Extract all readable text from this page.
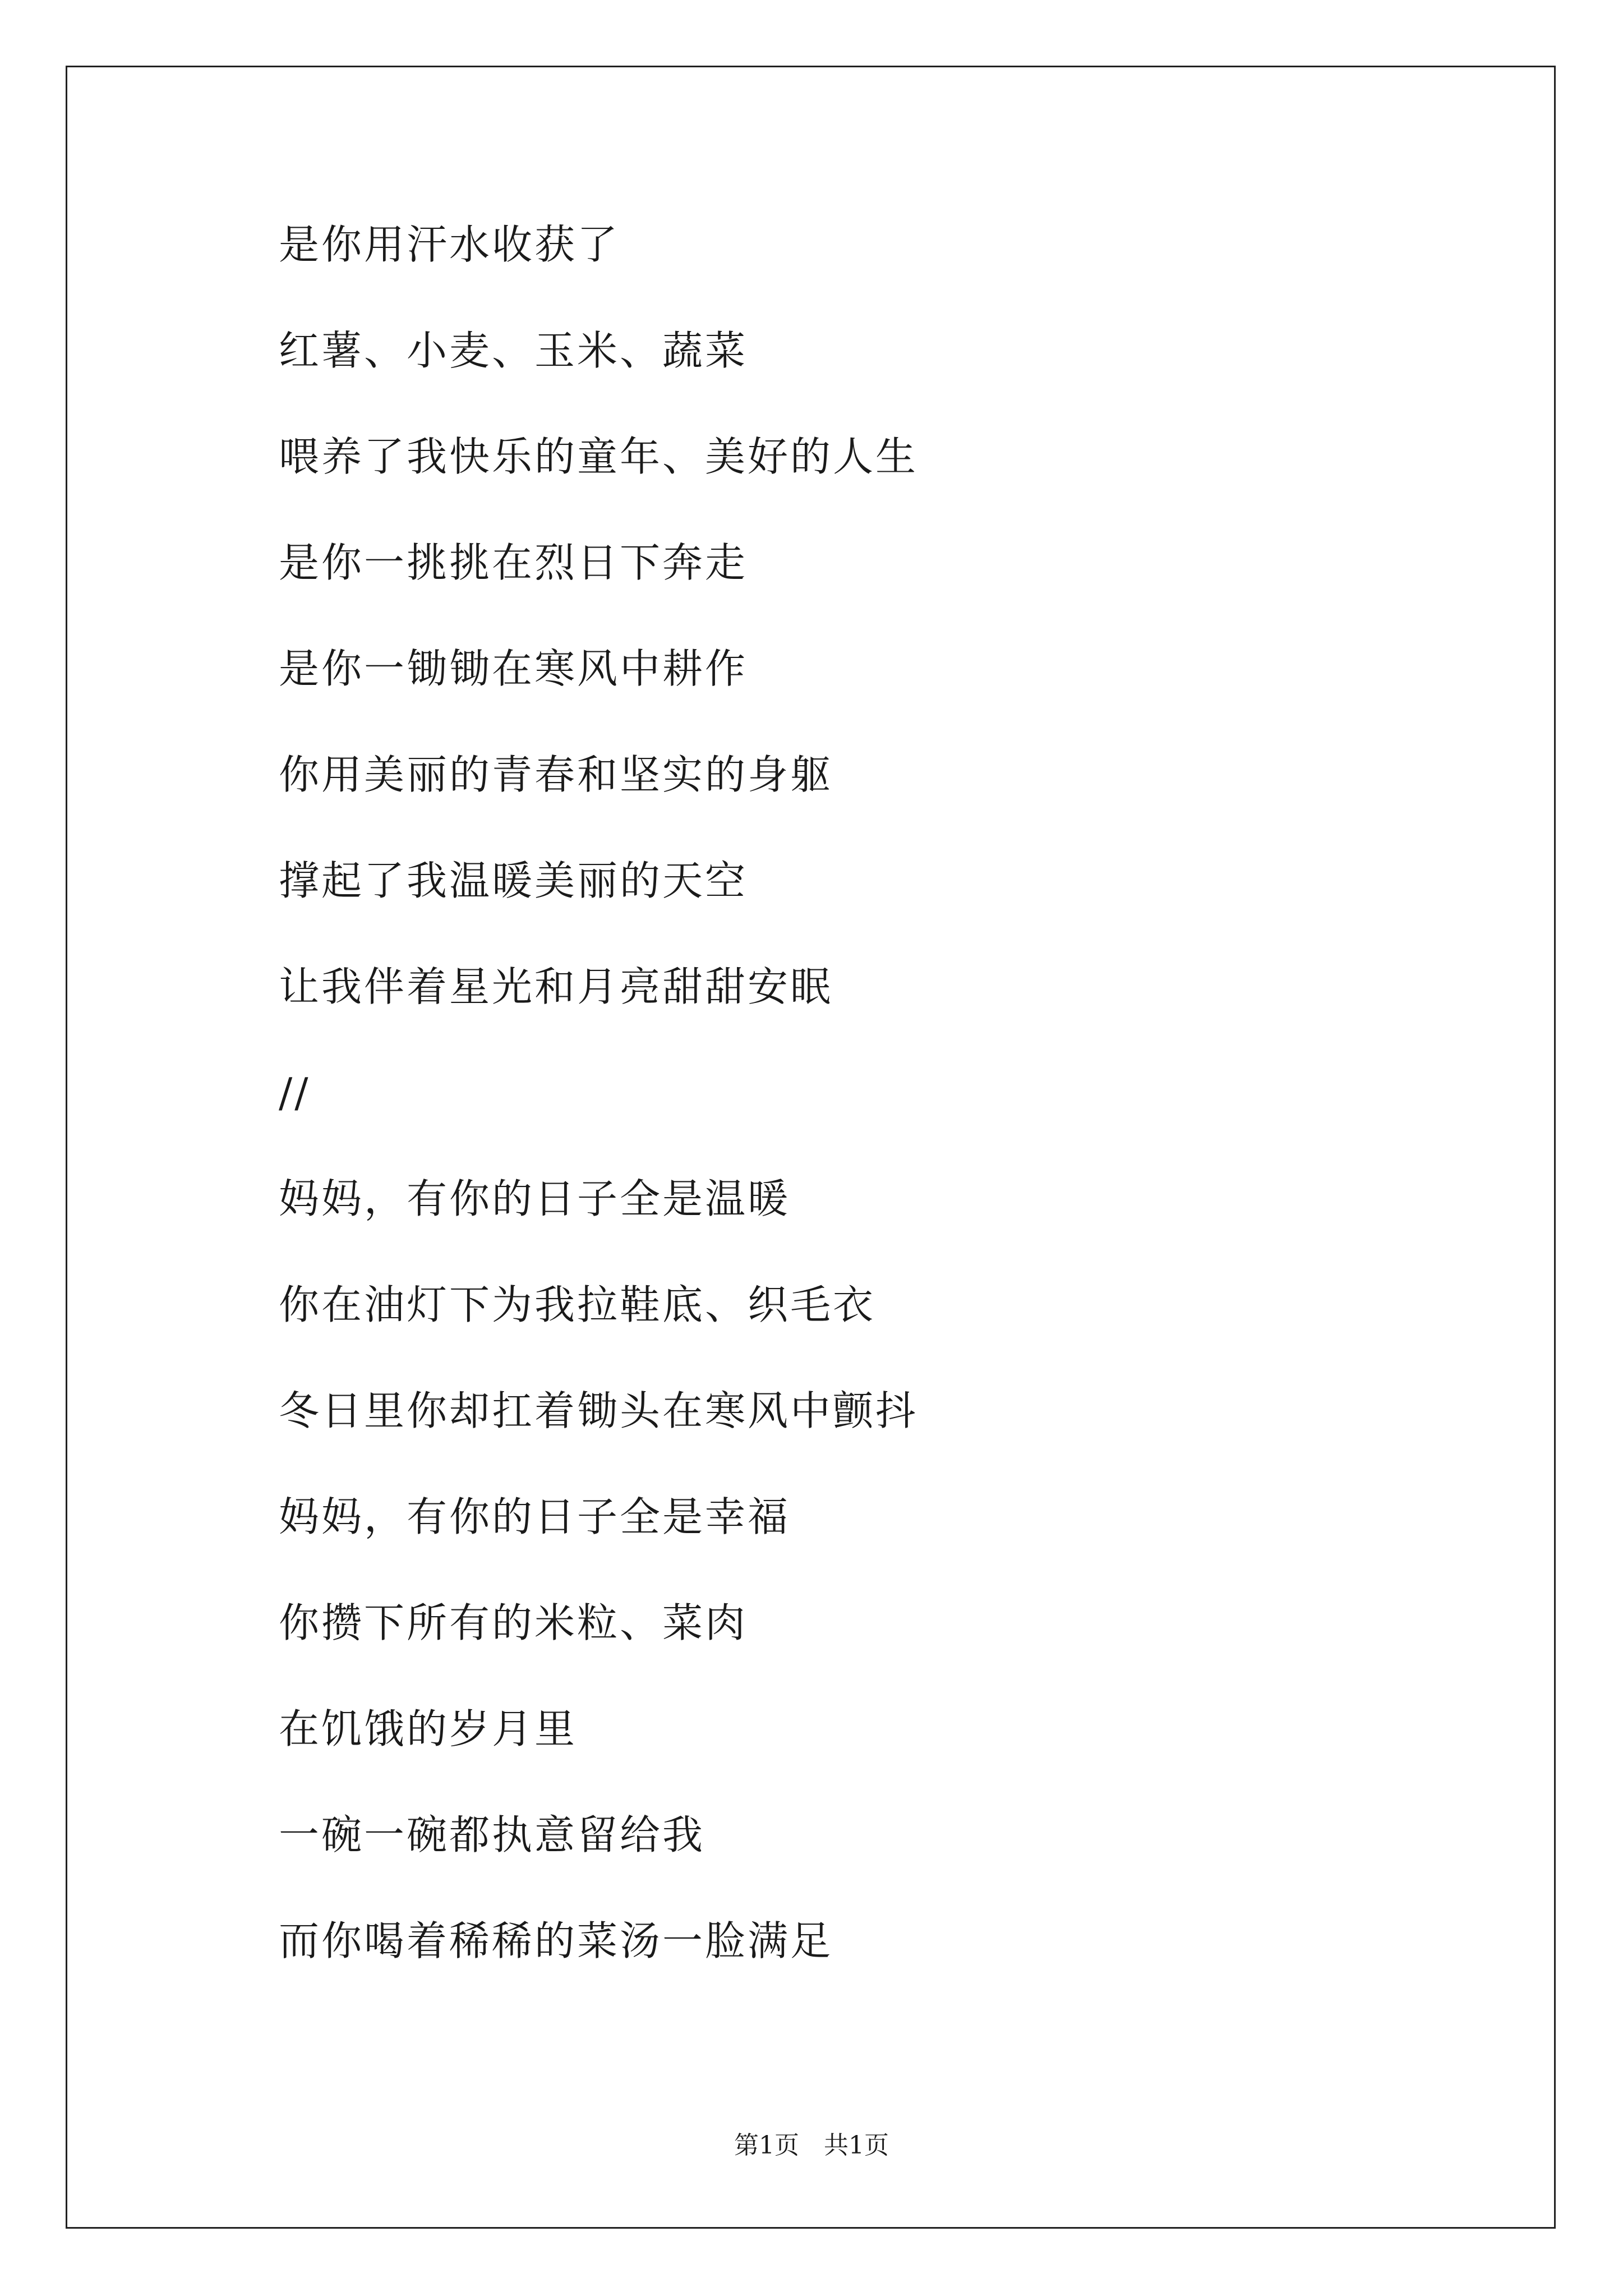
是你用汗水收获了
红薯、小麦、玉米、蔬菜
喂养了我快乐的童年、美好的人生
是你一挑挑在烈日下奔走
是你一锄锄在寒风中耕作
你用美丽的青春和坚实的身躯
撑起了我温暖美丽的天空
让我伴着星光和月亮甜甜安眠
//
妈妈，有你的日子全是温暖
你在油灯下为我拉鞋底、织毛衣
冬日里你却扛着锄头在寒风中颤抖
妈妈，有你的日子全是幸福
你攒下所有的米粒、菜肉
在饥饿的岁月里
一碗一碗都执意留给我
而你喝着稀稀的菜汤一脸满足
第1页　共1页
